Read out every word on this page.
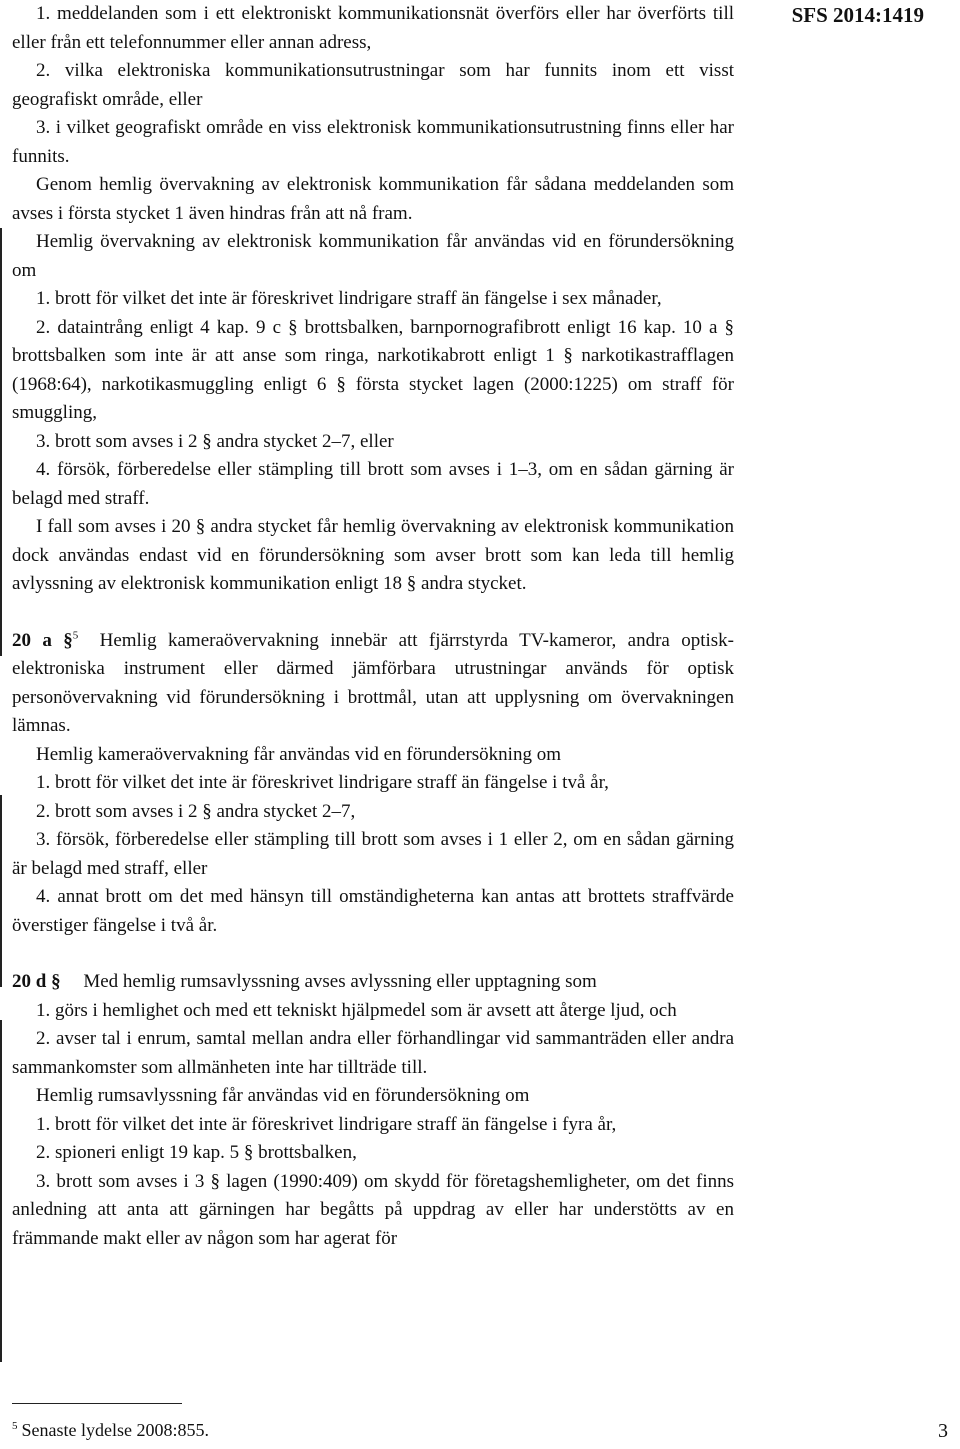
SFS 2014:1419

1. meddelanden som i ett elektroniskt kommunikationsnät överförs eller har överförts till eller från ett telefonnummer eller annan adress,

2. vilka elektroniska kommunikationsutrustningar som har funnits inom ett visst geografiskt område, eller

3. i vilket geografiskt område en viss elektronisk kommunikationsutrustning finns eller har funnits.

Genom hemlig övervakning av elektronisk kommunikation får sådana meddelanden som avses i första stycket 1 även hindras från att nå fram.

Hemlig övervakning av elektronisk kommunikation får användas vid en förundersökning om

1. brott för vilket det inte är föreskrivet lindrigare straff än fängelse i sex månader,

2. dataintrång enligt 4 kap. 9 c § brottsbalken, barnpornografibrott enligt 16 kap. 10 a § brottsbalken som inte är att anse som ringa, narkotikabrott enligt 1 § narkotikastrafflagen (1968:64), narkotikasmuggling enligt 6 § första stycket lagen (2000:1225) om straff för smuggling,

3. brott som avses i 2 § andra stycket 2–7, eller

4. försök, förberedelse eller stämpling till brott som avses i 1–3, om en sådan gärning är belagd med straff.

I fall som avses i 20 § andra stycket får hemlig övervakning av elektronisk kommunikation dock användas endast vid en förundersökning som avser brott som kan leda till hemlig avlyssning av elektronisk kommunikation enligt 18 § andra stycket.

20 a §$^5$ Hemlig kameraövervakning innebär att fjärrstyrda TV-kameror, andra optisk-elektroniska instrument eller därmed jämförbara utrustningar används för optisk personövervakning vid förundersökning i brottmål, utan att upplysning om övervakningen lämnas.

Hemlig kameraövervakning får användas vid en förundersökning om

1. brott för vilket det inte är föreskrivet lindrigare straff än fängelse i två år,

2. brott som avses i 2 § andra stycket 2–7,

3. försök, förberedelse eller stämpling till brott som avses i 1 eller 2, om en sådan gärning är belagd med straff, eller

4. annat brott om det med hänsyn till omständigheterna kan antas att brottets straffvärde överstiger fängelse i två år.

20 d § Med hemlig rumsavlyssning avses avlyssning eller upptagning som

1. görs i hemlighet och med ett tekniskt hjälpmedel som är avsett att återge ljud, och

2. avser tal i enrum, samtal mellan andra eller förhandlingar vid sammanträden eller andra sammankomster som allmänheten inte har tillträde till.

Hemlig rumsavlyssning får användas vid en förundersökning om

1. brott för vilket det inte är föreskrivet lindrigare straff än fängelse i fyra år,

2. spioneri enligt 19 kap. 5 § brottsbalken,

3. brott som avses i 3 § lagen (1990:409) om skydd för företagshemligheter, om det finns anledning att anta att gärningen har begåtts på uppdrag av eller har understötts av en främmande makt eller av någon som har agerat för

$^5$ Senaste lydelse 2008:855.	3
